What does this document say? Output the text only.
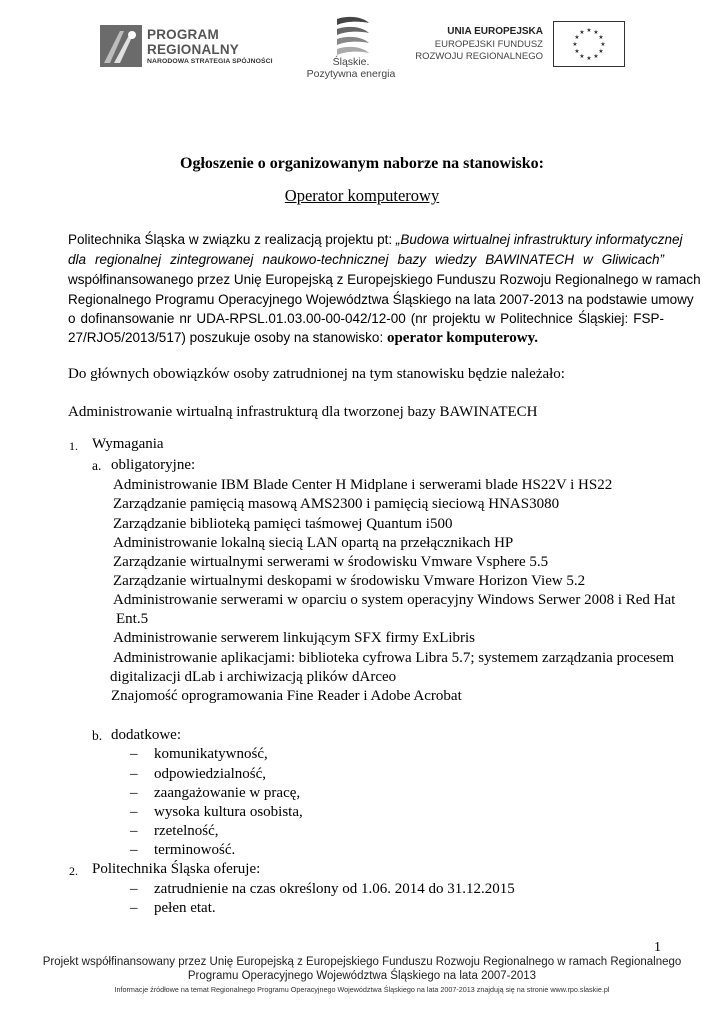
PROGRAM
REGIONALNY
NARODOWA STRATEGIA SPÓJNOŚCI	Śląskie.
Pozytywna energia
UNIA EUROPEJSKA
EUROPEJSKI FUNDUSZ
ROZWOJU REGIONALNEGO
★ ★
★
★
★
★
★
★
★
★
★
★
Ogłoszenie o organizowanym naborze na stanowisko:
Operator komputerowy
Politechnika Śląska w związku z realizacją projektu pt: „Budowa wirtualnej infrastruktury informatycznej
dla regionalnej zintegrowanej naukowo-technicznej bazy wiedzy BAWINATECH w Gliwicach”
współfinansowanego przez Unię Europejską z Europejskiego Funduszu Rozwoju Regionalnego w ramach
Regionalnego Programu Operacyjnego Województwa Śląskiego na lata 2007-2013 na podstawie umowy
o dofinansowanie nr UDA-RPSL.01.03.00-00-042/12-00 (nr projektu w Politechnice Śląskiej: FSP-
27/RJO5/2013/517) poszukuje osoby na stanowisko: operator komputerowy.
Do głównych obowiązków osoby zatrudnionej na tym stanowisku będzie należało:
Administrowanie wirtualną infrastrukturą dla tworzonej bazy BAWINATECH
1. Wymagania
a. obligatoryjne:
Administrowanie IBM Blade Center H Midplane i serwerami blade HS22V i HS22
Zarządzanie pamięcią masową AMS2300 i pamięcią sieciową HNAS3080
Zarządzanie biblioteką pamięci taśmowej Quantum i500
Administrowanie lokalną siecią LAN opartą na przełącznikach HP
Zarządzanie wirtualnymi serwerami w środowisku Vmware Vsphere 5.5
Zarządzanie wirtualnymi deskopami w środowisku Vmware Horizon View 5.2
Administrowanie serwerami w oparciu o system operacyjny Windows Serwer 2008 i Red Hat
Ent.5
Administrowanie serwerem linkującym SFX firmy ExLibris
Administrowanie aplikacjami: biblioteka cyfrowa Libra 5.7; systemem zarządzania procesem
digitalizacji dLab i archiwizacją plików dArceo
Znajomość oprogramowania Fine Reader i Adobe Acrobat
b. dodatkowe:
– komunikatywność,
– odpowiedzialność,
– zaangażowanie w pracę,
– wysoka kultura osobista,
– rzetelność,
– terminowość.
2. Politechnika Śląska oferuje:
– zatrudnienie na czas określony od 1.06. 2014 do 31.12.2015
– pełen etat.
1
Projekt współfinansowany przez Unię Europejską z Europejskiego Funduszu Rozwoju Regionalnego w ramach Regionalnego
Programu Operacyjnego Województwa Śląskiego na lata 2007-2013
Informacje źródłowe na temat Regionalnego Programu Operacyjnego Województwa Śląskiego na lata 2007-2013 znajdują się na stronie www.rpo.slaskie.pl
